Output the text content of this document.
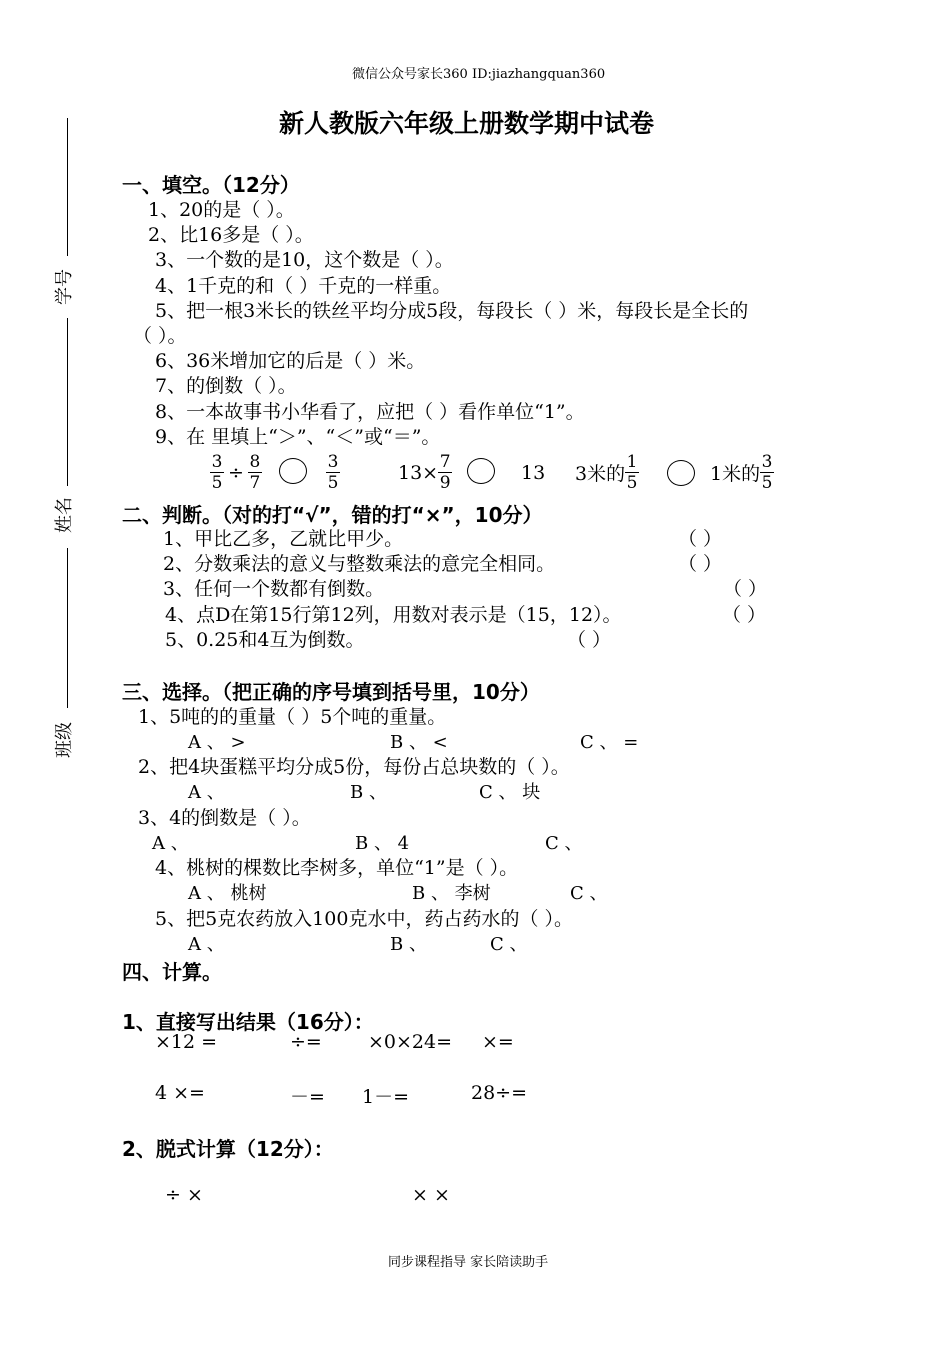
微信公众号家长360 ID:jiazhangquan360
同步课程指导 家长陪读助手
学号
姓名
班级
新人教版六年级上册数学期中试卷
一、填空。（12分）
1、20的是（ ）。
2、比16多是（ ）。
3、一个数的是10，这个数是（ ）。
4、1千克的和（ ）千克的一样重。
5、把一根3米长的铁丝平均分成5段，每段长（ ）米，每段长是全长的
（ ）。
6、36米增加它的后是（ ）米。
7、的倒数（ ）。
8、一本故事书小华看了，应把（ ）看作单位“1”。
9、在 里填上“＞”、“＜”或“＝”。
$\frac{3}{5} \div \frac{8}{7}$	$\frac{3}{5}$	$13\times \frac{7}{9}$	13 3米的 $\frac{1}{5}$	1米的 $\frac{3}{5}$
二、判断。（对的打“√”，错的打“×”，10分）
1、甲比乙多，乙就比甲少。	（ ）
2、分数乘法的意义与整数乘法的意完全相同。	（ ）
3、任何一个数都有倒数。	（ ）
4、点D在第15行第12列，用数对表示是（15，12）。	（ ）
5、0.25和4互为倒数。	（ ）
三、选择。（把正确的序号填到括号里，10分）
1、5吨的的重量（ ）5个吨的重量。
A 、 >	B 、 <	C 、 =
2、把4块蛋糕平均分成5份，每份占总块数的（ ）。
A 、	B 、	C 、 块
3、4的倒数是（ ）。
A 、	B 、 4	C 、
4、桃树的棵数比李树多，单位“1”是（ ）。
A 、 桃树	B 、 李树	C 、
5、把5克农药放入100克水中，药占药水的（ ）。
A 、	B 、	C 、
四、计算。
1、直接写出结果（16分）：
×12 =	÷= ×0×24= ×=
4 ×=	－= 1－=	28÷=
2、脱式计算（12分）：
÷ ×	× ×
